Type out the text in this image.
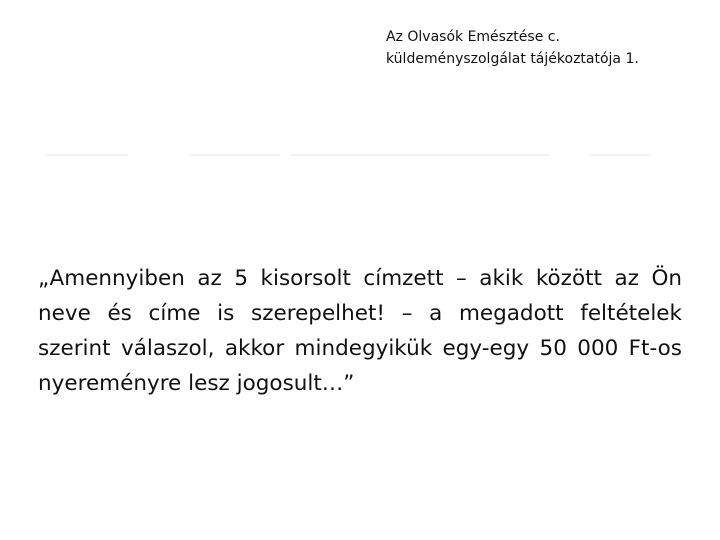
Az Olvasók Emésztése c.
küldeményszolgálat tájékoztatója 1.

„Amennyiben az 5 kisorsolt címzett – akik között az Ön neve és címe is szerepelhet! – a megadott feltételek szerint válaszol, akkor mindegyikük egy-egy 50 000 Ft-os nyereményre lesz jogosult…”
